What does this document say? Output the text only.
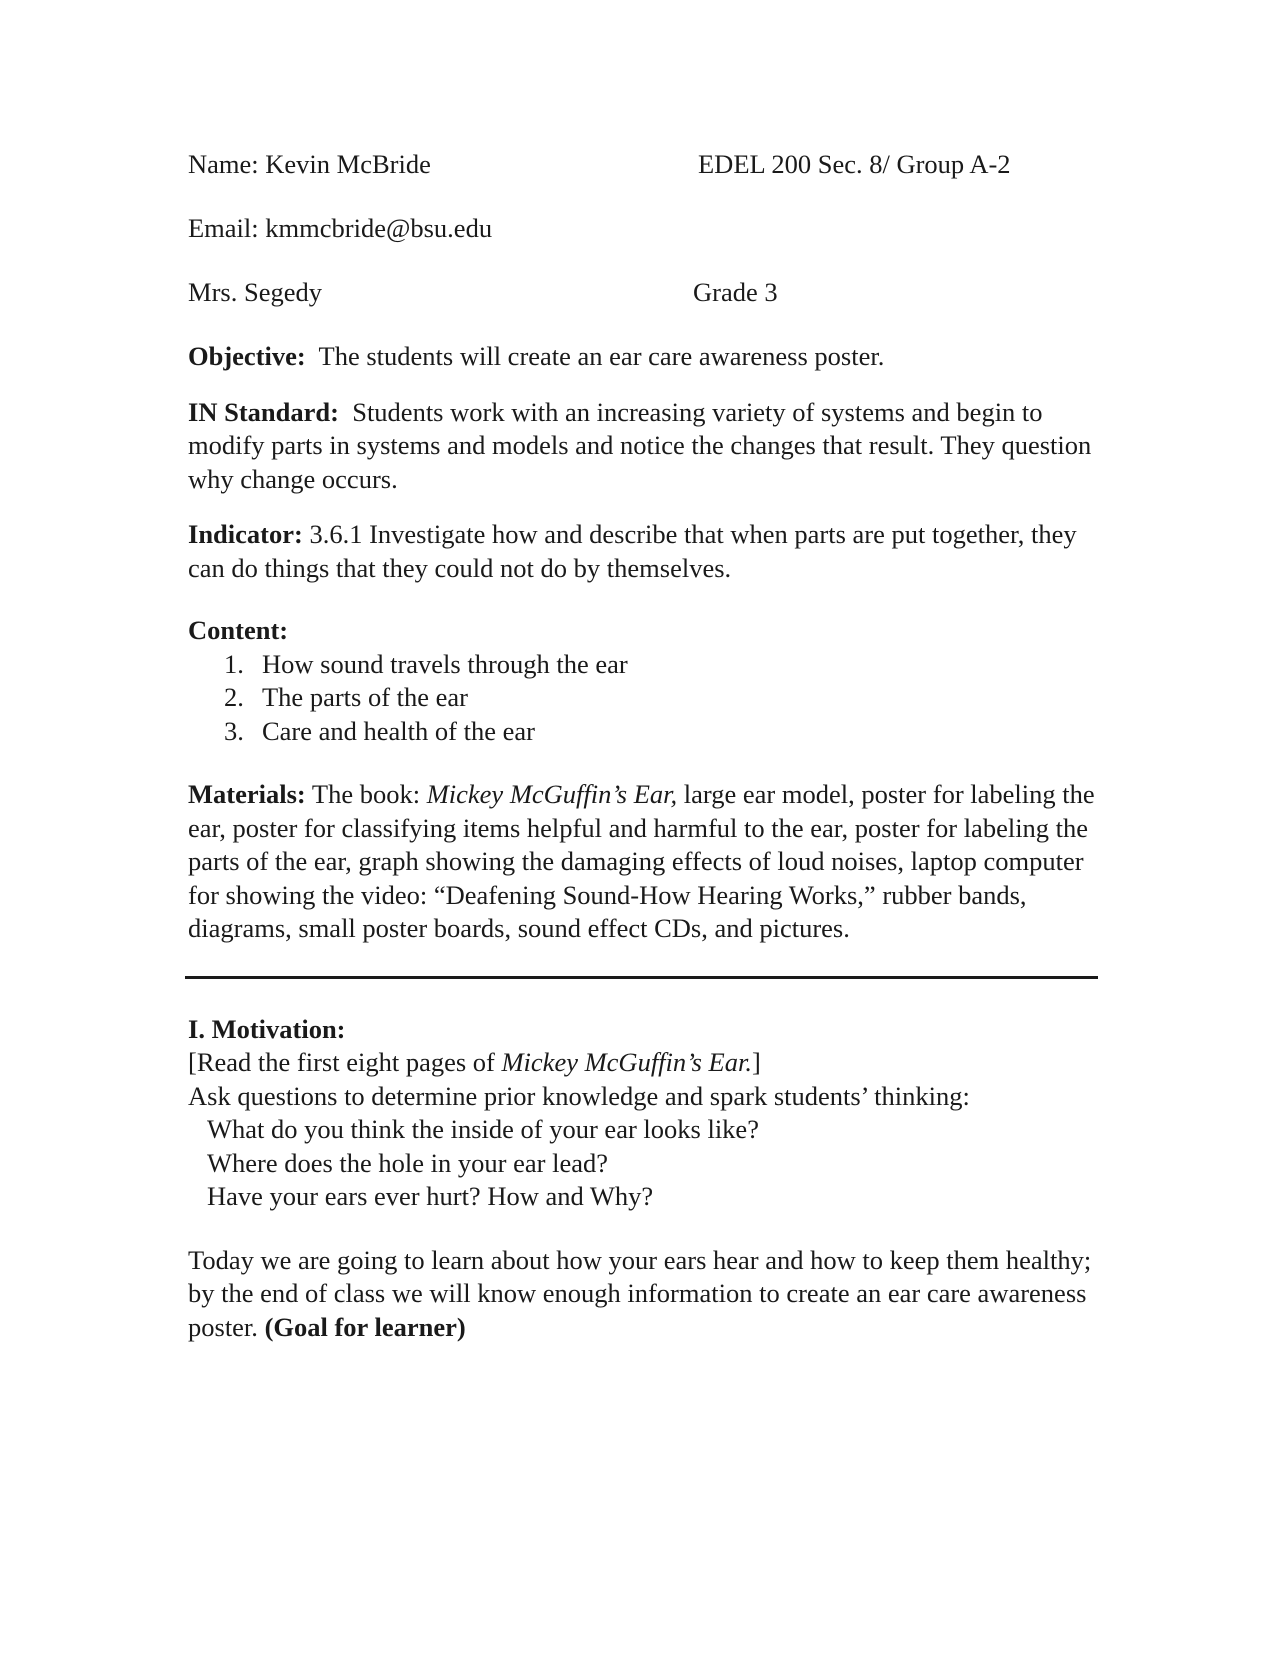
Name: Kevin McBride	EDEL 200 Sec. 8/ Group A-2
Email: kmmcbride@bsu.edu
Mrs. Segedy	Grade 3

Objective: The students will create an ear care awareness poster.

IN Standard: Students work with an increasing variety of systems and begin to modify parts in systems and models and notice the changes that result. They question why change occurs.

Indicator: 3.6.1 Investigate how and describe that when parts are put together, they can do things that they could not do by themselves.

Content:

1. How sound travels through the ear
2. The parts of the ear
3. Care and health of the ear

Materials: The book: Mickey McGuffin’s Ear, large ear model, poster for labeling the ear, poster for classifying items helpful and harmful to the ear, poster for labeling the parts of the ear, graph showing the damaging effects of loud noises, laptop computer for showing the video: “Deafening Sound-How Hearing Works,” rubber bands, diagrams, small poster boards, sound effect CDs, and pictures.

I. Motivation:

[Read the first eight pages of Mickey McGuffin’s Ear.]

Ask questions to determine prior knowledge and spark students’ thinking:

What do you think the inside of your ear looks like?

Where does the hole in your ear lead?

Have your ears ever hurt? How and Why?

Today we are going to learn about how your ears hear and how to keep them healthy; by the end of class we will know enough information to create an ear care awareness poster. (Goal for learner)
